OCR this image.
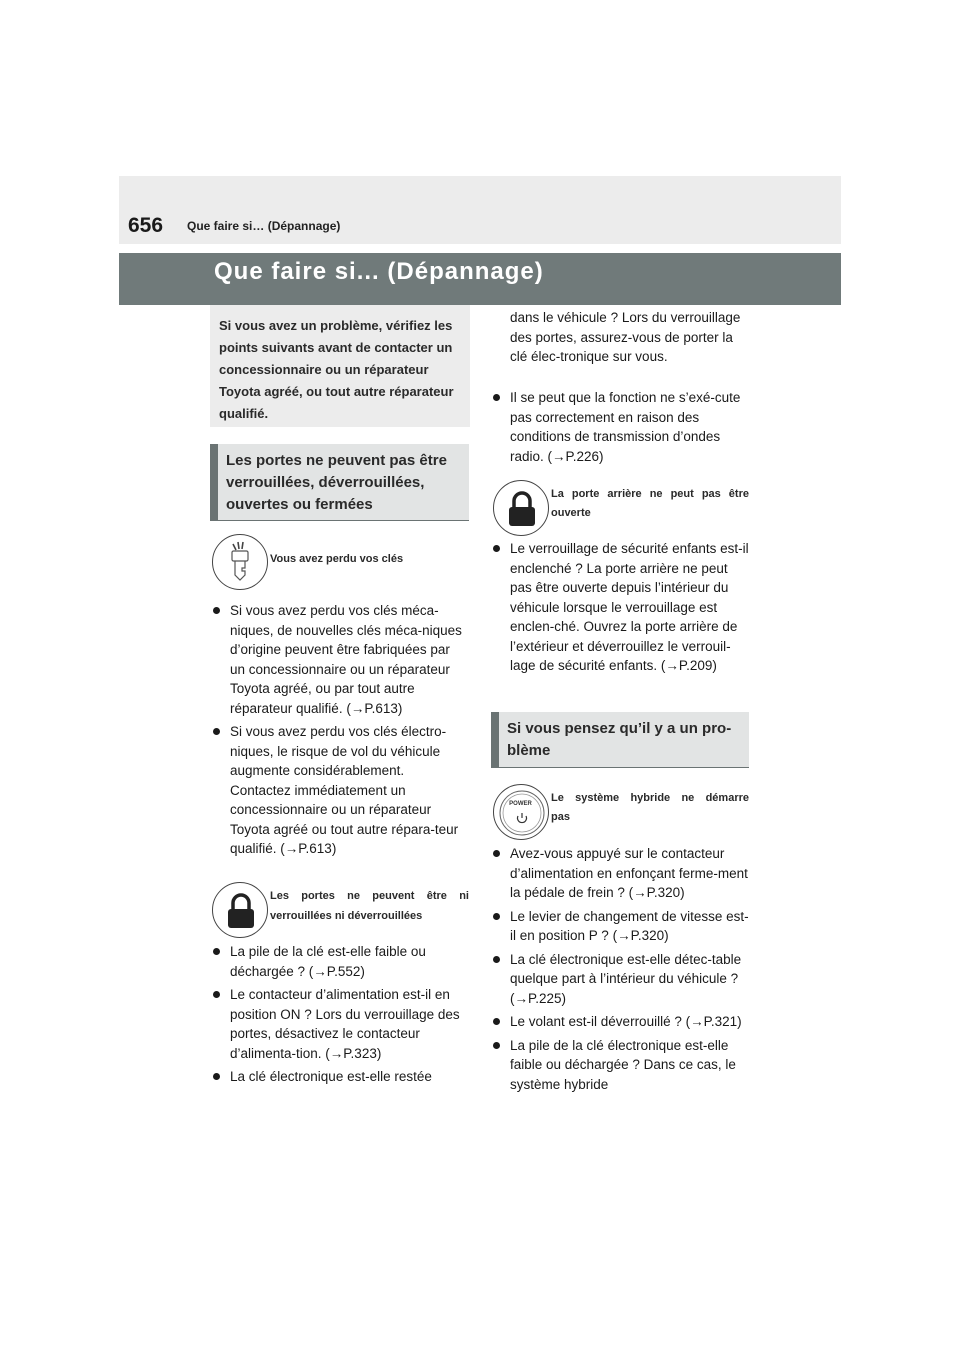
656 Que faire si… (Dépannage)
Que faire si... (Dépannage)
Si vous avez un problème, vérifiez les points suivants avant de contacter un concessionnaire ou un réparateur Toyota agréé, ou tout autre réparateur qualifié.
Les portes ne peuvent pas être
verrouillées, déverrouillées,
ouvertes ou fermées
Vous avez perdu vos clés
Si vous avez perdu vos clés méca-niques, de nouvelles clés méca-niques d’origine peuvent être fabriquées par un concessionnaire ou un réparateur Toyota agréé, ou par tout autre réparateur qualifié. (→P.613)
Si vous avez perdu vos clés électro-niques, le risque de vol du véhicule augmente considérablement. Contactez immédiatement un concessionnaire ou un réparateur Toyota agréé ou tout autre répara-teur qualifié. (→P.613)
Les portes ne peuvent être ni
verrouillées ni déverrouillées
La pile de la clé est-elle faible ou déchargée ? (→P.552)
Le contacteur d’alimentation est-il en position ON ? Lors du verrouillage des portes, désactivez le contacteur d’alimenta-tion. (→P.323)
La clé électronique est-elle restée

dans le véhicule ? Lors du verrouillage des portes, assurez-vous de porter la clé élec-tronique sur vous.

Il se peut que la fonction ne s’exé-cute pas correctement en raison des conditions de transmission d’ondes radio. (→P.226)
La porte arrière ne peut pas être
ouverte
Le verrouillage de sécurité enfants est-il enclenché ? La porte arrière ne peut pas être ouverte depuis l’intérieur du véhicule lorsque le verrouillage est enclen-ché. Ouvrez la porte arrière de l’extérieur et déverrouillez le verrouil-lage de sécurité enfants. (→P.209)
Si vous pensez qu’il y a un pro-
blème
POWER	Le système hybride ne démarre
pas
Avez-vous appuyé sur le contacteur d’alimentation en enfonçant ferme-ment la pédale de frein ? (→P.320)
Le levier de changement de vitesse est-il en position P ? (→P.320)
La clé électronique est-elle détec-table quelque part à l’intérieur du véhicule ? (→P.225)
Le volant est-il déverrouillé ? (→P.321)
La pile de la clé électronique est-elle faible ou déchargée ? Dans ce cas, le système hybride
